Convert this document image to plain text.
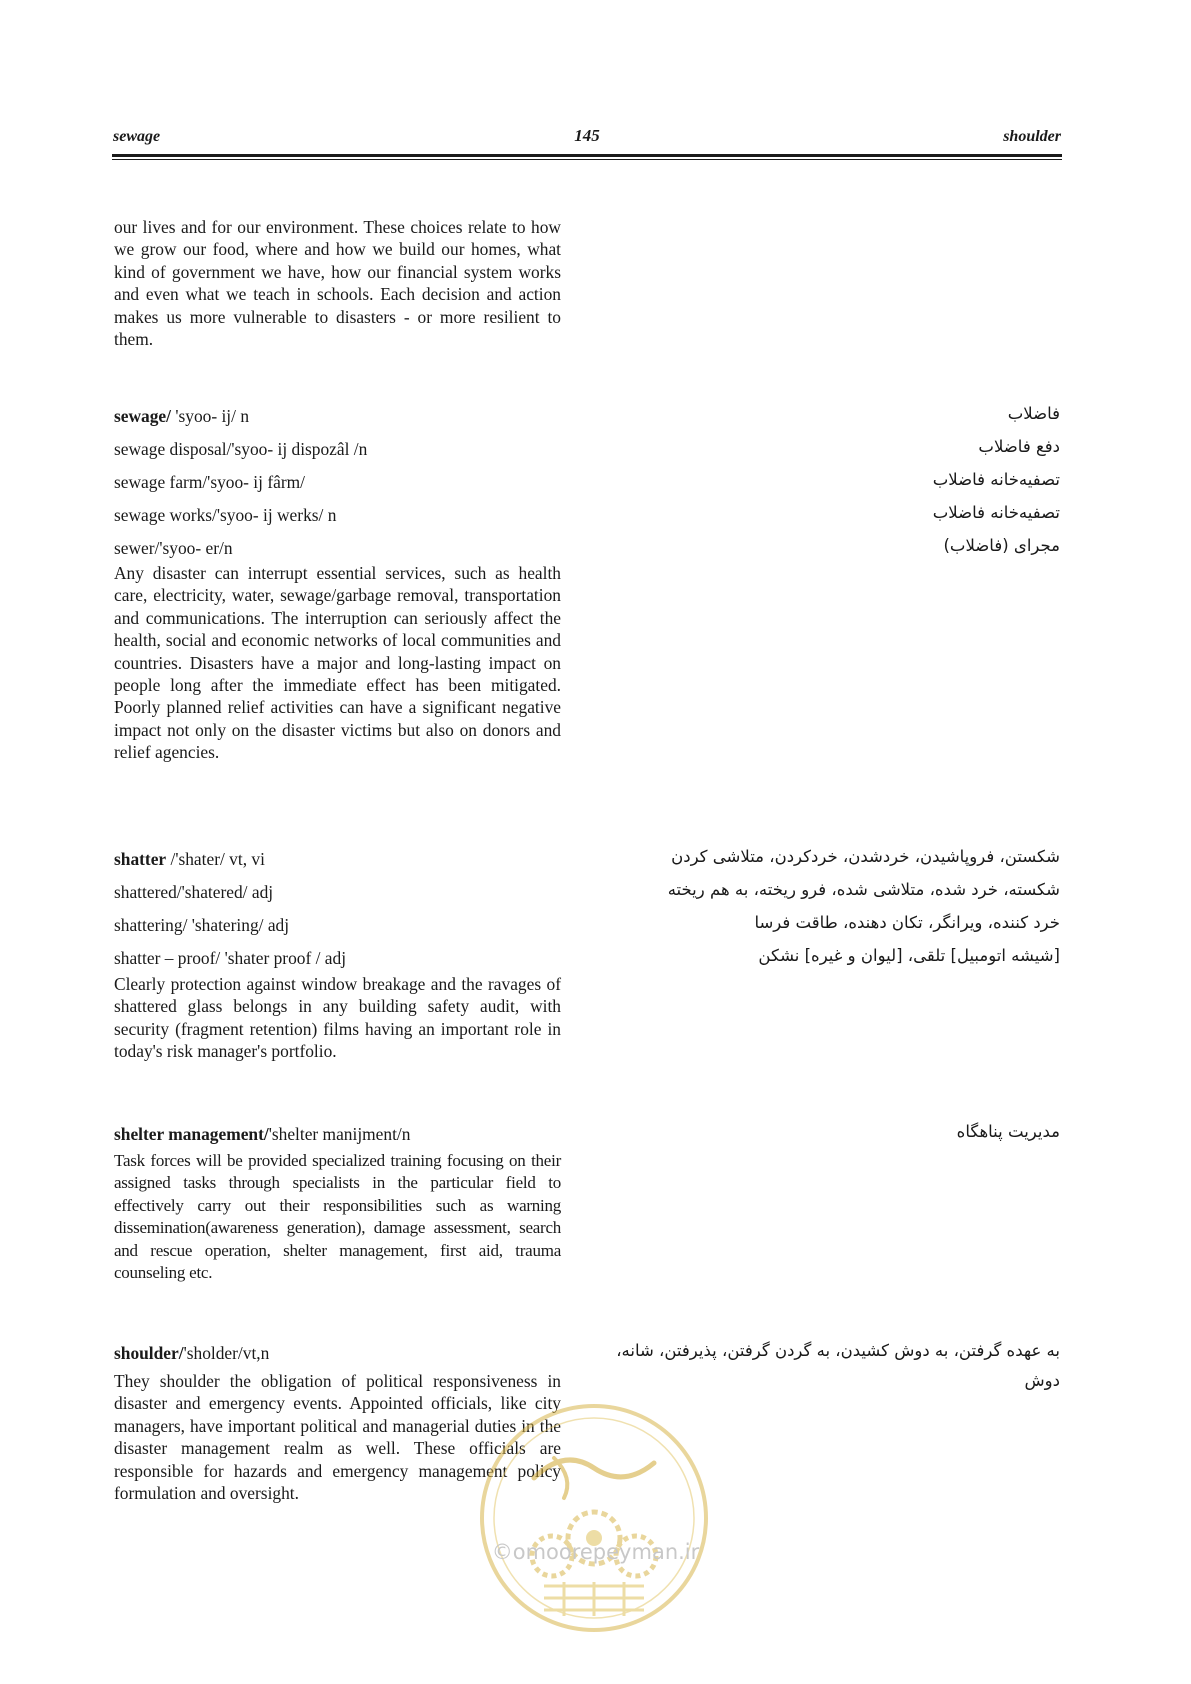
sewage	145	shoulder

our lives and for our environment. These choices relate to how we grow our food, where and how we build our homes, what kind of government we have, how our financial system works and even what we teach in schools. Each decision and action makes us more vulnerable to disasters - or more resilient to them.

sewage/ 'syoo- ij/ n	فاضلاب
sewage disposal/'syoo- ij dispozâl /n	دفع فاضلاب
sewage farm/'syoo- ij fârm/	تصفیه‌خانه فاضلاب
sewage works/'syoo- ij werks/ n	تصفیه‌خانه فاضلاب
sewer/'syoo- er/n	مجرای (فاضلاب)

Any disaster can interrupt essential services, such as health care, electricity, water, sewage/garbage removal, transportation and communications. The interruption can seriously affect the health, social and economic networks of local communities and countries. Disasters have a major and long-lasting impact on people long after the immediate effect has been mitigated. Poorly planned relief activities can have a significant negative impact not only on the disaster victims but also on donors and relief agencies.

shatter /'shater/ vt, vi	شکستن، فروپاشیدن، خردشدن، خردکردن، متلاشی کردن
shattered/'shatered/ adj	شکسته، خرد شده، متلاشی شده، فرو ریخته، به هم ریخته
shattering/ 'shatering/ adj	خرد کننده، ویرانگر، تکان دهنده، طاقت فرسا
shatter – proof/ 'shater proof / adj	[شیشه اتومبیل] تلقی، [لیوان و غیره] نشکن

Clearly protection against window breakage and the ravages of shattered glass belongs in any building safety audit, with security (fragment retention) films having an important role in today's risk manager's portfolio.

shelter management/'shelter manijment/n	مدیریت پناهگاه

Task forces will be provided specialized training focusing on their assigned tasks through specialists in the particular field to effectively carry out their responsibilities such as warning dissemination(awareness generation), damage assessment, search and rescue operation, shelter management, first aid, trauma counseling etc.

shoulder/'sholder/vt,n	به عهده گرفتن، به دوش کشیدن، به گردن گرفتن، پذیرفتن، شانه، دوش

They shoulder the obligation of political responsiveness in disaster and emergency events. Appointed officials, like city managers, have important political and managerial duties in the disaster management realm as well. These officials are responsible for hazards and emergency management policy formulation and oversight.

©omoorepeyman.ir
